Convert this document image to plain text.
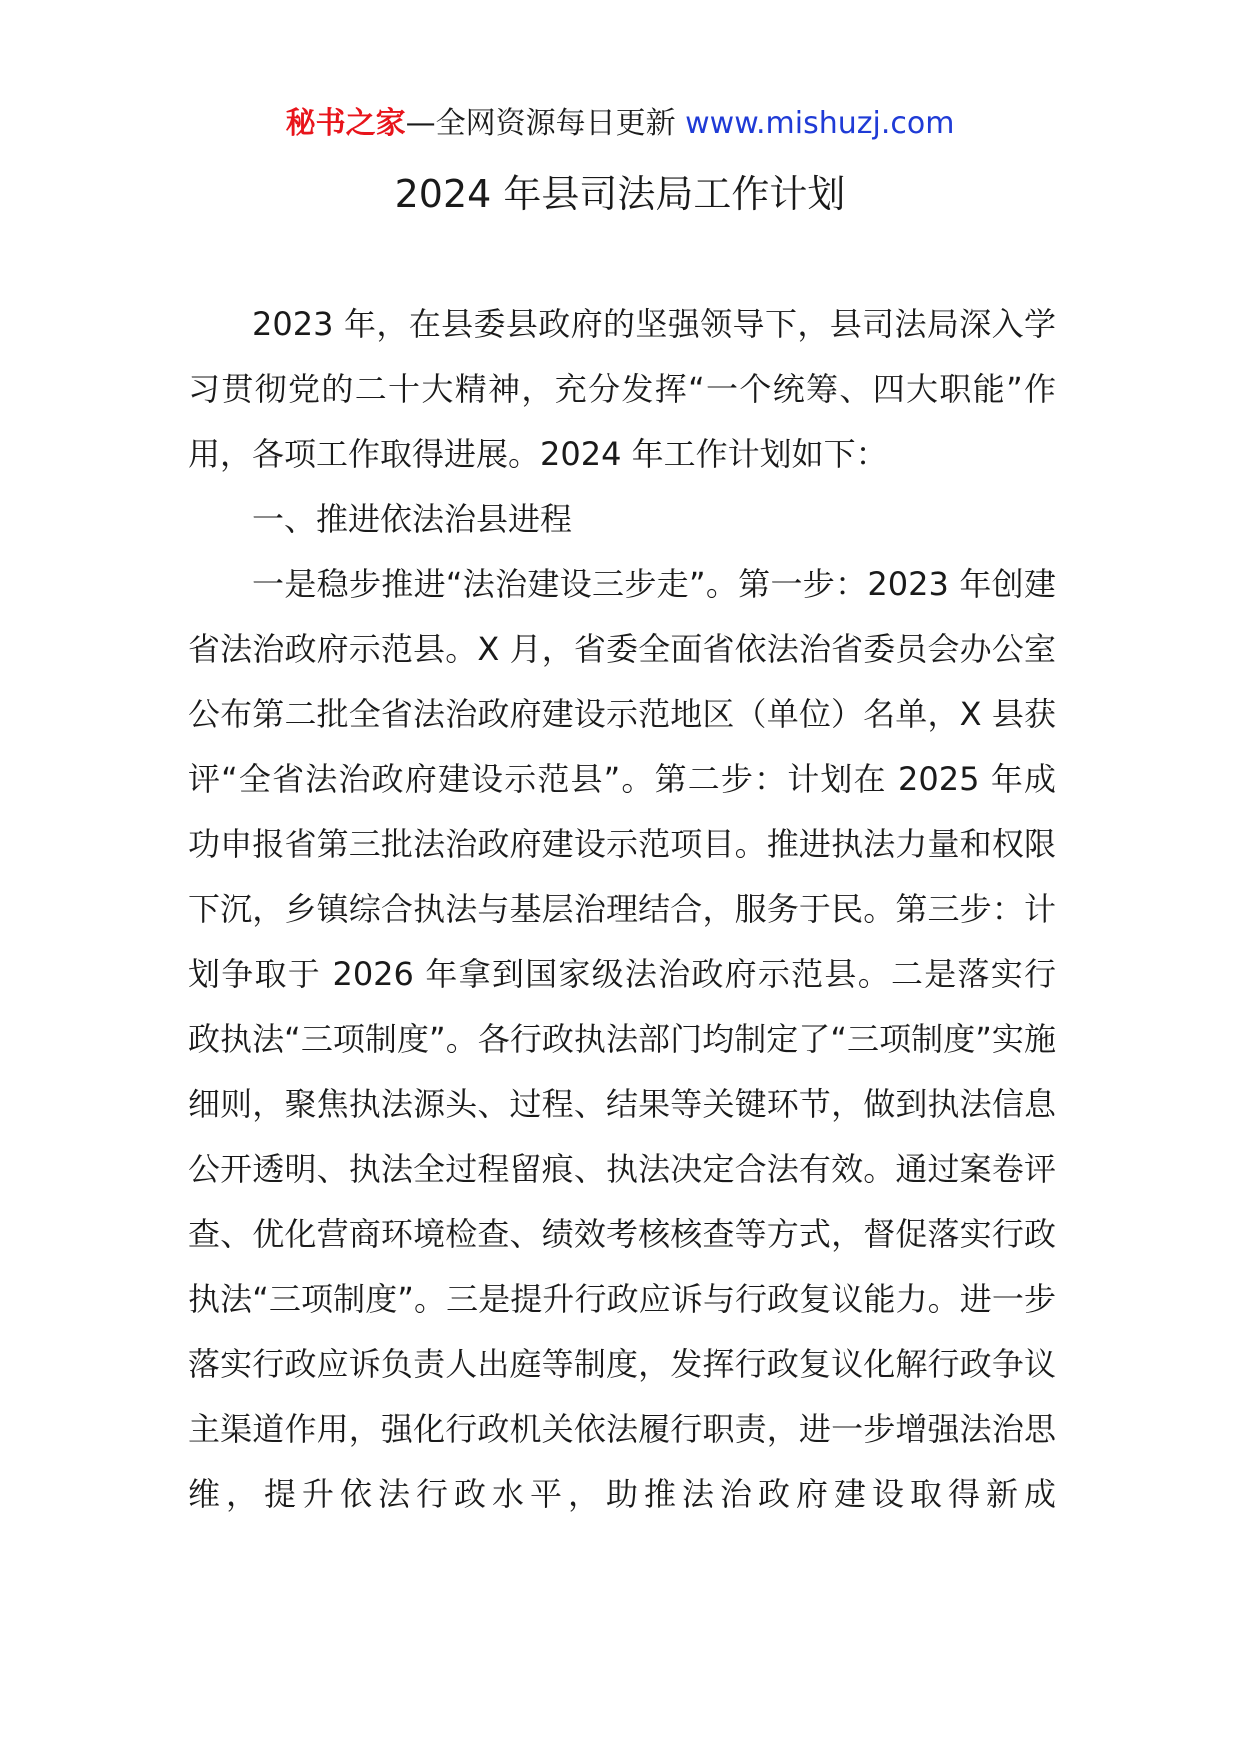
秘书之家—全网资源每日更新 www.mishuzj.com
2024 年县司法局工作计划

2023 年，在县委县政府的坚强领导下，县司法局深入学习贯彻党的二十大精神，充分发挥“一个统筹、四大职能”作用，各项工作取得进展。2024 年工作计划如下：

一、推进依法治县进程

一是稳步推进“法治建设三步走”。第一步：2023 年创建省法治政府示范县。X 月，省委全面省依法治省委员会办公室公布第二批全省法治政府建设示范地区（单位）名单，X 县获评“全省法治政府建设示范县”。第二步：计划在 2025 年成功申报省第三批法治政府建设示范项目。推进执法力量和权限下沉，乡镇综合执法与基层治理结合，服务于民。第三步：计划争取于 2026 年拿到国家级法治政府示范县。二是落实行政执法“三项制度”。各行政执法部门均制定了“三项制度”实施细则，聚焦执法源头、过程、结果等关键环节，做到执法信息公开透明、执法全过程留痕、执法决定合法有效。通过案卷评查、优化营商环境检查、绩效考核核查等方式，督促落实行政执法“三项制度”。三是提升行政应诉与行政复议能力。进一步落实行政应诉负责人出庭等制度，发挥行政复议化解行政争议主渠道作用，强化行政机关依法履行职责，进一步增强法治思维，提升依法行政水平，助推法治政府建设取得新成
